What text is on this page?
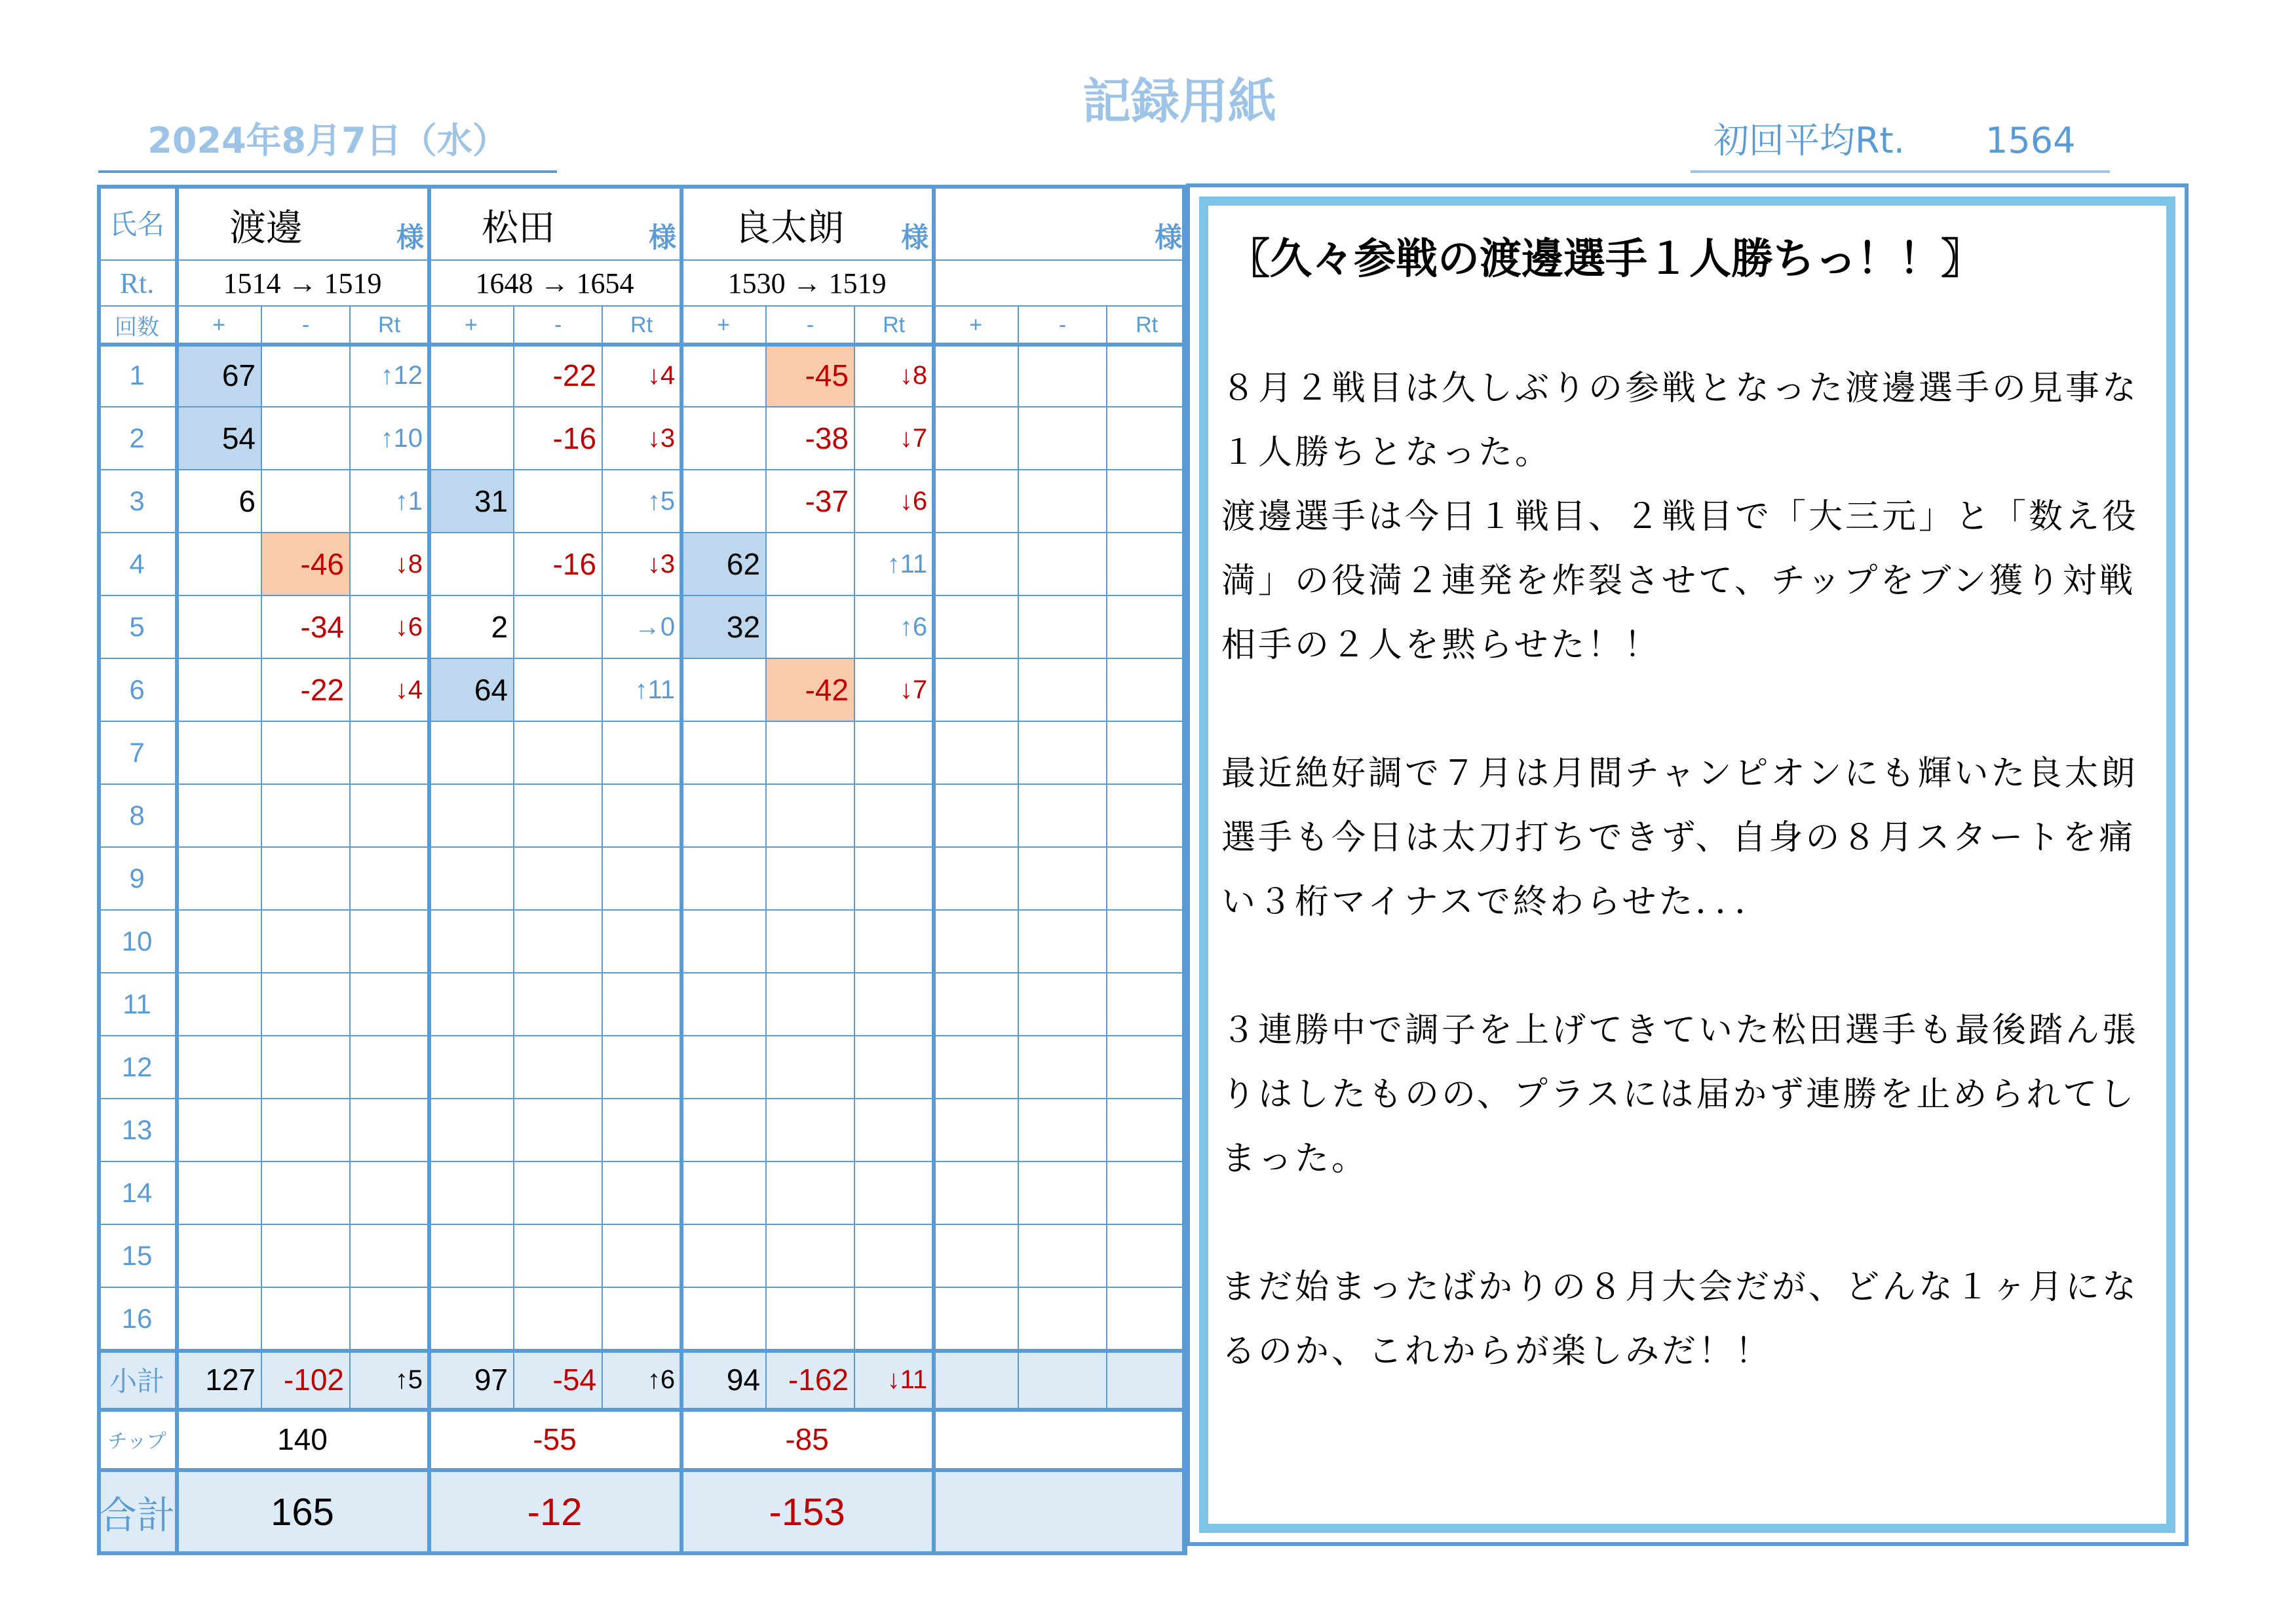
記録用紙
2024年8月7日（水）	初回平均Rt. 1564
氏名	渡邊 様			松田 様			良太朗 様			様		

Rt.	1514 → 1519			1648 → 1654			1530 → 1519					
回数	+	-	Rt	+	-	Rt	+	-	Rt	+	-	Rt
1	67		↑12		-22	↓4		-45	↓8			
2	54		↑10		-16	↓3		-38	↓7			
3	6		↑1	31		↑5		-37	↓6			
4		-46	↓8		-16	↓3	62		↑11			
5		-34	↓6	2		→0	32		↑6			
6		-22	↓4	64		↑11		-42	↓7			
7												
8												
9												
10												
11												
12												
13												
14												
15												
16												
小計	127	-102	↑5	97	-54	↑6	94	-162	↓11			
チップ	140			-55			-85					
合計	165			-12			-153					
〖久々参戦の渡邊選手１人勝ちっ！！〗

８月２戦目は久しぶりの参戦となった渡邊選手の見事な１人勝ちとなった。

渡邊選手は今日１戦目、２戦目で「大三元」と「数え役満」の役満２連発を炸裂させて、チップをブン獲り対戦相手の２人を黙らせた！！

最近絶好調で７月は月間チャンピオンにも輝いた良太朗選手も今日は太刀打ちできず、自身の８月スタートを痛い３桁マイナスで終わらせた．．．

３連勝中で調子を上げてきていた松田選手も最後踏ん張りはしたものの、プラスには届かず連勝を止められてしまった。

まだ始まったばかりの８月大会だが、どんな１ヶ月になるのか、これからが楽しみだ！！
